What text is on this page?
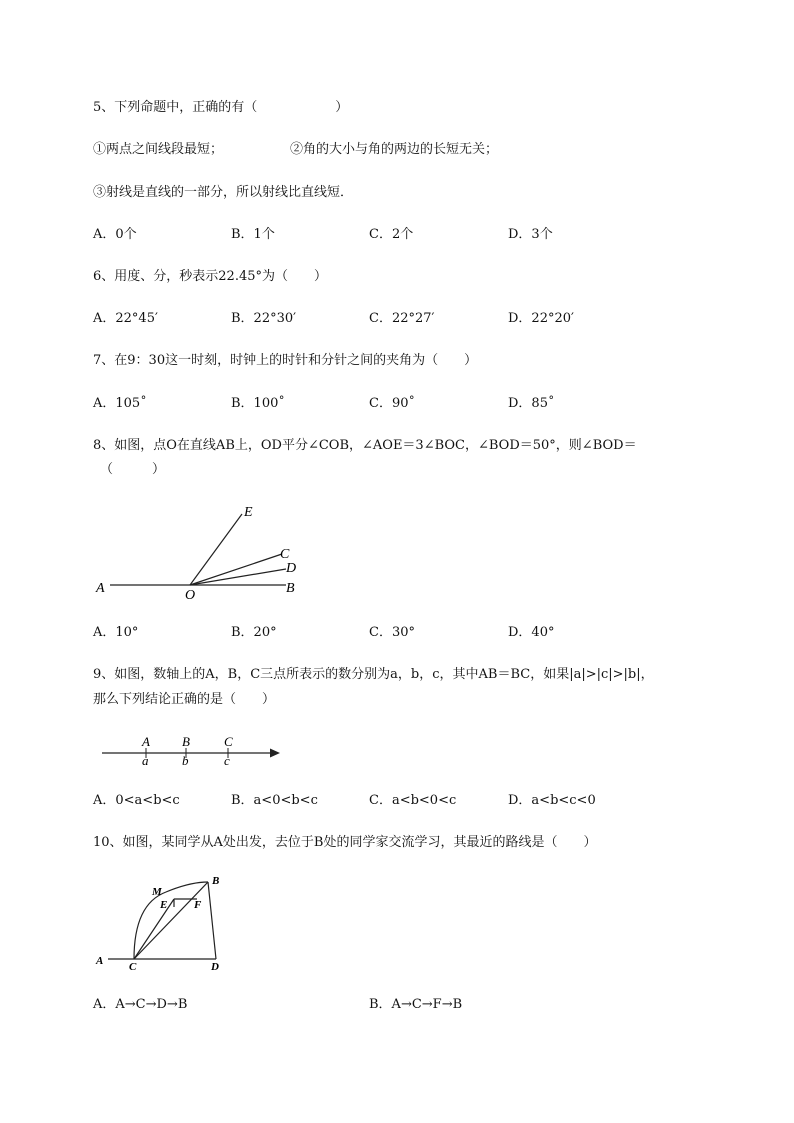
5、下列命题中，正确的有（　　　　　　）
①两点之间线段最短；	②角的大小与角的两边的长短无关；
③射线是直线的一部分，所以射线比直线短．
A．0个	B．1个	C．2个	D．3个
6、用度、分，秒表示22.45°为（　　）
A．22°45′	B．22°30′	C．22°27′	D．22°20′
7、在9：30这一时刻，时钟上的时针和分针之间的夹角为（　　）
A．105˚	B．100˚	C．90˚	D．85˚
8、如图，点O在直线AB上，OD平分∠COB，∠AOE＝3∠BOC，∠BOD＝50°，则∠BOD＝
（　　　）
A	O	B
E
C
D
A．10°	B．20°	C．30°	D．40°
9、如图，数轴上的A，B，C三点所表示的数分别为a，b，c，其中AB＝BC，如果|a|>|c|>|b|，
那么下列结论正确的是（　　）
A B	C
a	b	c
A．0<a<b<c	B．a<0<b<c	C．a<b<0<c	D．a<b<c<0
10、如图，某同学从A处出发，去位于B处的同学家交流学习，其最近的路线是（　　）
A C	D
B
M
E F
A．A→C→D→B	B．A→C→F→B
